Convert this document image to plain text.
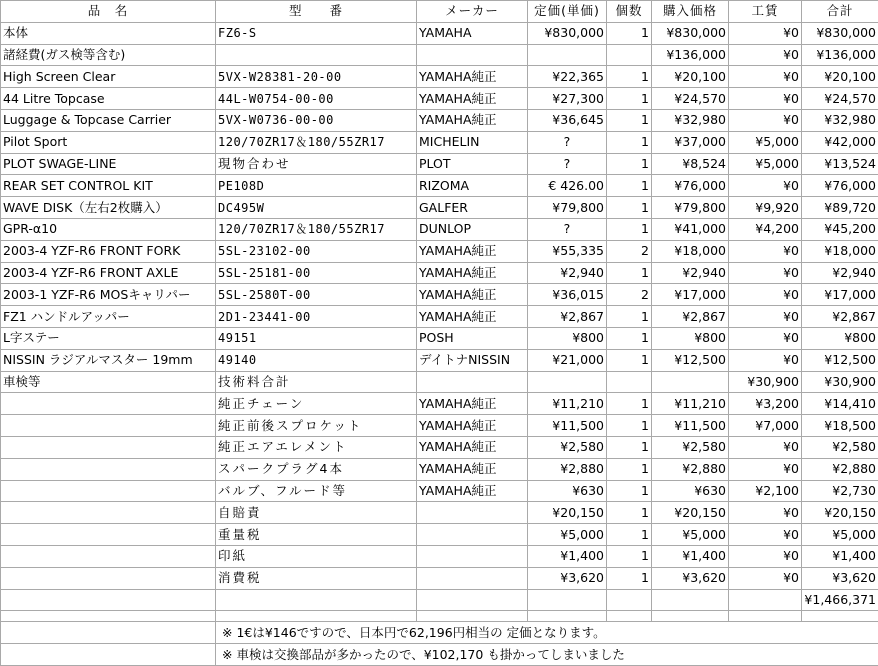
品　名	型　　番	メーカー	定価(単価)	個数	購入価格	工賃	合計
本体	FZ6-S	YAMAHA	¥830,000	1	¥830,000	¥0	¥830,000
諸経費(ガス検等含む)					¥136,000	¥0	¥136,000
High Screen Clear	5VX-W28381-20-00	YAMAHA純正	¥22,365	1	¥20,100	¥0	¥20,100
44 Litre Topcase	44L-W0754-00-00	YAMAHA純正	¥27,300	1	¥24,570	¥0	¥24,570
Luggage & Topcase Carrier	5VX-W0736-00-00	YAMAHA純正	¥36,645	1	¥32,980	¥0	¥32,980
Pilot Sport	120/70ZR17＆180/55ZR17	MICHELIN	?	1	¥37,000	¥5,000	¥42,000
PLOT SWAGE-LINE	現物合わせ	PLOT	?	1	¥8,524	¥5,000	¥13,524
REAR SET CONTROL KIT	PE108D	RIZOMA	€ 426.00	1	¥76,000	¥0	¥76,000
WAVE DISK（左右2枚購入）	DC495W	GALFER	¥79,800	1	¥79,800	¥9,920	¥89,720
GPR-α10	120/70ZR17＆180/55ZR17	DUNLOP	?	1	¥41,000	¥4,200	¥45,200
2003-4 YZF-R6 FRONT FORK	5SL-23102-00	YAMAHA純正	¥55,335	2	¥18,000	¥0	¥18,000
2003-4 YZF-R6 FRONT AXLE	5SL-25181-00	YAMAHA純正	¥2,940	1	¥2,940	¥0	¥2,940
2003-1 YZF-R6 MOSキャリパー	5SL-2580T-00	YAMAHA純正	¥36,015	2	¥17,000	¥0	¥17,000
FZ1 ハンドルアッパー	2D1-23441-00	YAMAHA純正	¥2,867	1	¥2,867	¥0	¥2,867
L字ステー	49151	POSH	¥800	1	¥800	¥0	¥800
NISSIN ラジアルマスター 19mm	49140	デイトナNISSIN	¥21,000	1	¥12,500	¥0	¥12,500
車検等	技術料合計					¥30,900	¥30,900
	純正チェーン	YAMAHA純正	¥11,210	1	¥11,210	¥3,200	¥14,410
	純正前後スプロケット	YAMAHA純正	¥11,500	1	¥11,500	¥7,000	¥18,500
	純正エアエレメント	YAMAHA純正	¥2,580	1	¥2,580	¥0	¥2,580
	スパークプラグ4本	YAMAHA純正	¥2,880	1	¥2,880	¥0	¥2,880
	バルブ、フルード等	YAMAHA純正	¥630	1	¥630	¥2,100	¥2,730
	自賠責		¥20,150	1	¥20,150	¥0	¥20,150
	重量税		¥5,000	1	¥5,000	¥0	¥5,000
	印紙		¥1,400	1	¥1,400	¥0	¥1,400
	消費税		¥3,620	1	¥3,620	¥0	¥3,620
							¥1,466,371

	※ 1€は¥146ですので、日本円で62,196円相当の 定価となります。						
	※ 車検は交換部品が多かったので、¥102,170 も掛かってしまいました						
